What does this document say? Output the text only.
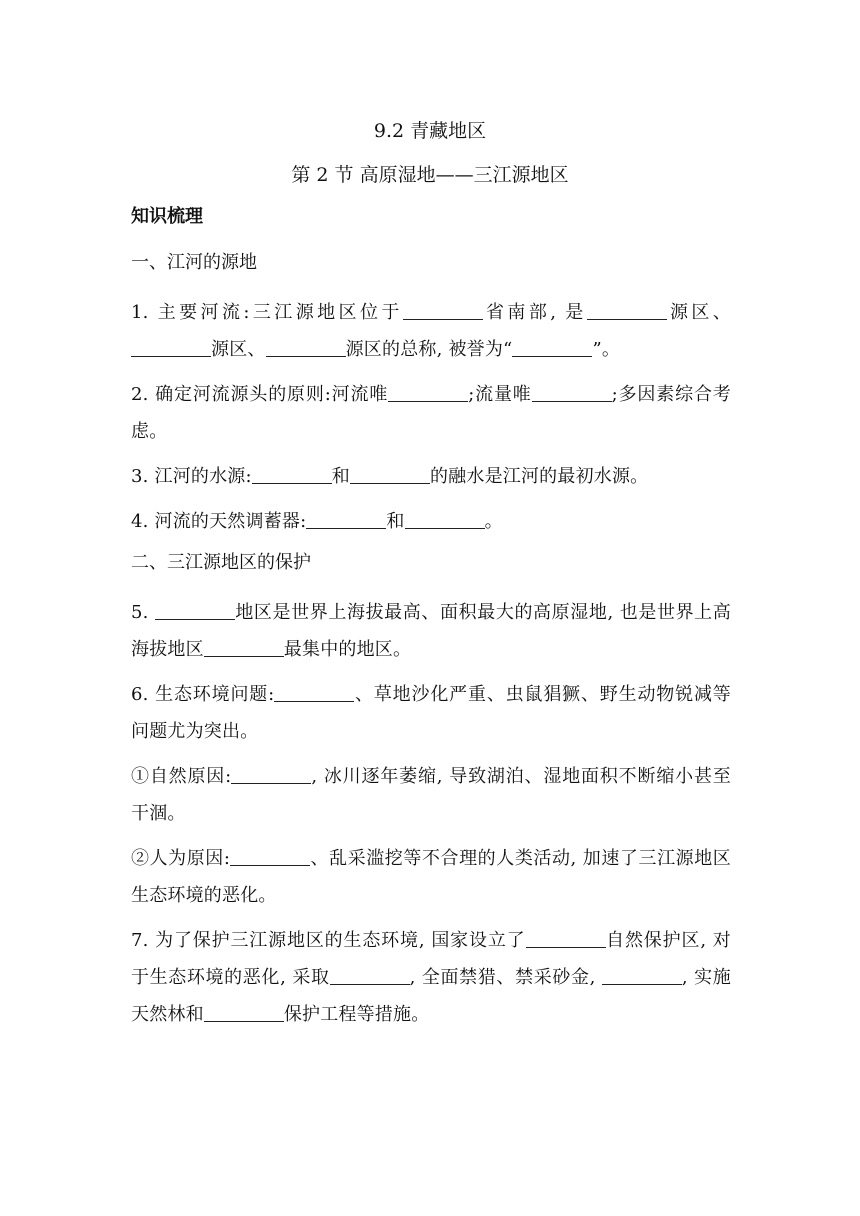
9.2 青藏地区
第 2 节 高原湿地——三江源地区
知识梳理
一、江河的源地
1. 主要河流:三江源地区位于	省南部, 是	源区、源区、	源区的总称, 被誉为“	”。
2. 确定河流源头的原则:河流唯	;流量唯	;多因素综合考虑。
3. 江河的水源:	和	的融水是江河的最初水源。
4. 河流的天然调蓄器:	和	。
二、三江源地区的保护
5.	地区是世界上海拔最高、面积最大的高原湿地, 也是世界上高海拔地区	最集中的地区。
6. 生态环境问题:	、草地沙化严重、虫鼠猖獗、野生动物锐减等问题尤为突出。
①自然原因:	, 冰川逐年萎缩, 导致湖泊、湿地面积不断缩小甚至干涸。
②人为原因:	、乱采滥挖等不合理的人类活动, 加速了三江源地区生态环境的恶化。
7. 为了保护三江源地区的生态环境, 国家设立了	自然保护区, 对于生态环境的恶化, 采取	, 全面禁猎、禁采砂金,	, 实施天然林和	保护工程等措施。
